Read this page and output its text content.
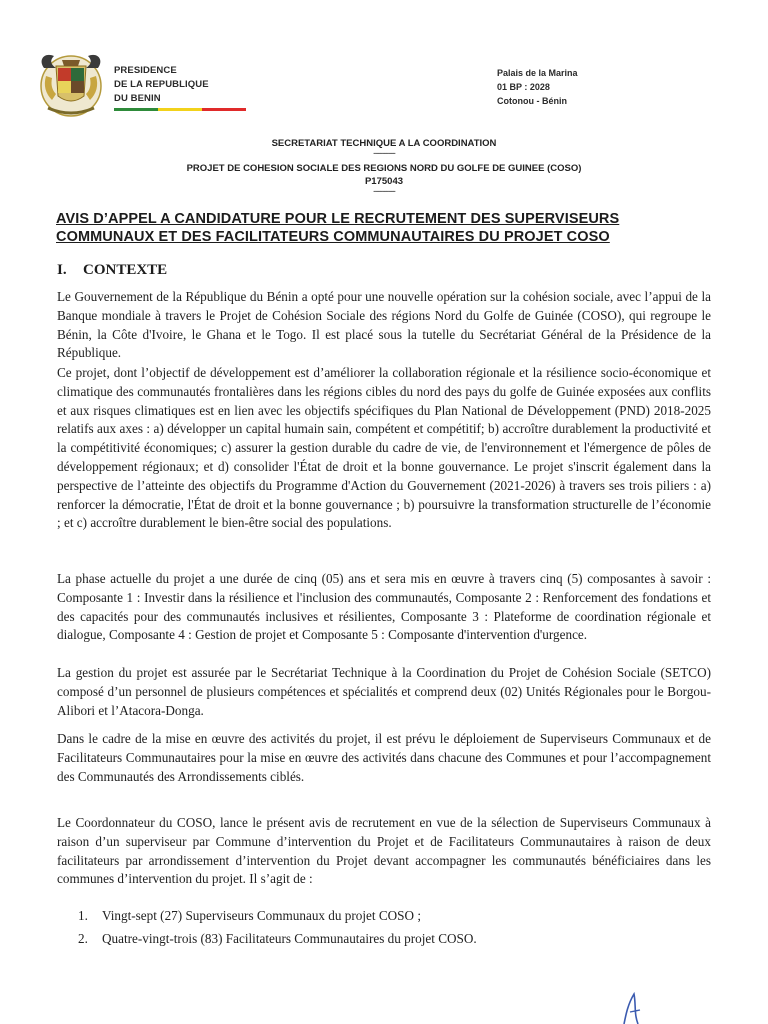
PRESIDENCE
DE LA REPUBLIQUE
DU BENIN
Palais de la Marina
01 BP : 2028
Cotonou - Bénin
SECRETARIAT TECHNIQUE A LA COORDINATION
----------
PROJET DE COHESION SOCIALE DES REGIONS NORD DU GOLFE DE GUINEE (COSO)
P175043
----------
AVIS D’APPEL A CANDIDATURE POUR LE RECRUTEMENT DES SUPERVISEURS COMMUNAUX ET DES FACILITATEURS COMMUNAUTAIRES DU PROJET COSO
I. CONTEXTE
Le Gouvernement de la République du Bénin a opté pour une nouvelle opération sur la cohésion sociale, avec l’appui de la Banque mondiale à travers le Projet de Cohésion Sociale des régions Nord du Golfe de Guinée (COSO), qui regroupe le Bénin, la Côte d'Ivoire, le Ghana et le Togo. Il est placé sous la tutelle du Secrétariat Général de la Présidence de la République.
Ce projet, dont l’objectif de développement est d’améliorer la collaboration régionale et la résilience socio-économique et climatique des communautés frontalières dans les régions cibles du nord des pays du golfe de Guinée exposées aux conflits et aux risques climatiques est en lien avec les objectifs spécifiques du Plan National de Développement (PND) 2018-2025 relatifs aux axes : a) développer un capital humain sain, compétent et compétitif; b) accroître durablement la productivité et la compétitivité économiques; c) assurer la gestion durable du cadre de vie, de l'environnement et l'émergence de pôles de développement régionaux; et d) consolider l'État de droit et la bonne gouvernance. Le projet s'inscrit également dans la perspective de l’atteinte des objectifs du Programme d'Action du Gouvernement (2021-2026) à travers ses trois piliers : a) renforcer la démocratie, l'État de droit et la bonne gouvernance ; b) poursuivre la transformation structurelle de l’économie ; et c) accroître durablement le bien-être social des populations.
La phase actuelle du projet a une durée de cinq (05) ans et sera mis en œuvre à travers cinq (5) composantes à savoir : Composante 1 : Investir dans la résilience et l'inclusion des communautés, Composante 2 : Renforcement des fondations et des capacités pour des communautés inclusives et résilientes, Composante 3 : Plateforme de coordination régionale et dialogue, Composante 4 : Gestion de projet et Composante 5 : Composante d'intervention d'urgence.
La gestion du projet est assurée par le Secrétariat Technique à la Coordination du Projet de Cohésion Sociale (SETCO) composé d’un personnel de plusieurs compétences et spécialités et comprend deux (02) Unités Régionales pour le Borgou-Alibori et l’Atacora-Donga.
Dans le cadre de la mise en œuvre des activités du projet, il est prévu le déploiement de Superviseurs Communaux et de Facilitateurs Communautaires pour la mise en œuvre des activités dans chacune des Communes et pour l’accompagnement des Communautés des Arrondissements ciblés.
Le Coordonnateur du COSO, lance le présent avis de recrutement en vue de la sélection de Superviseurs Communaux à raison d’un superviseur par Commune d’intervention du Projet et de Facilitateurs Communautaires à raison de deux facilitateurs par arrondissement d’intervention du Projet devant accompagner les communautés bénéficiaires dans les communes d’intervention du projet. Il s’agit de :
1.	Vingt-sept (27) Superviseurs Communaux du projet COSO ;
2.	Quatre-vingt-trois (83) Facilitateurs Communautaires du projet COSO.
